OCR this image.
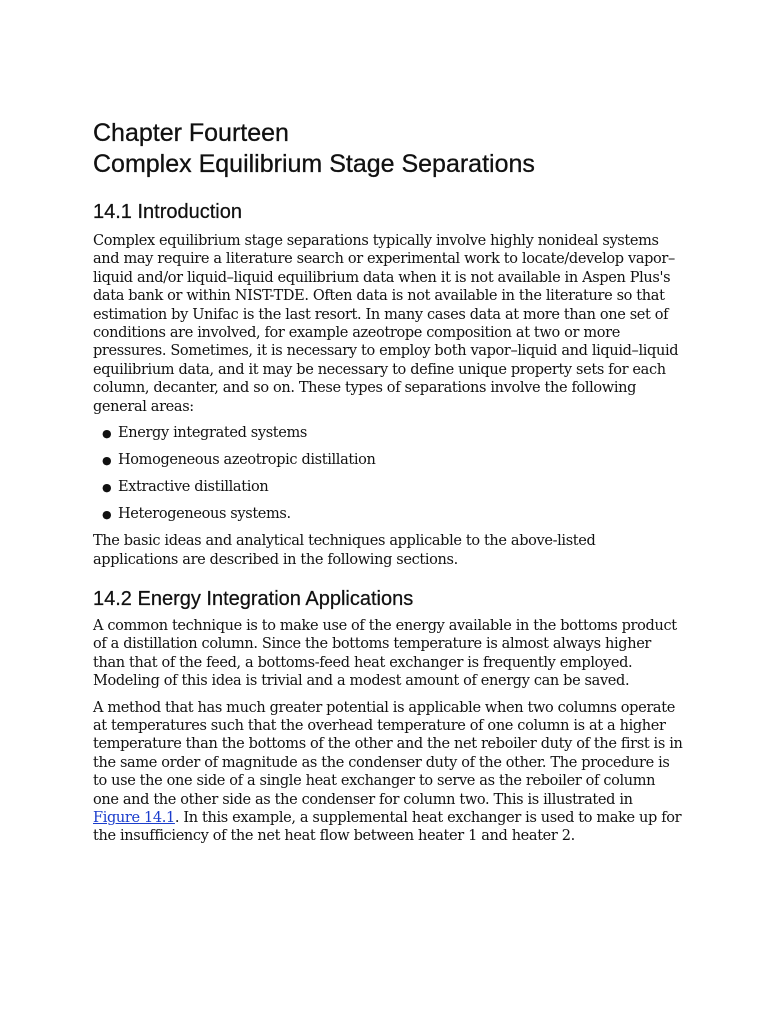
Chapter Fourteen
Complex Equilibrium Stage Separations
14.1 Introduction

Complex equilibrium stage separations typically involve highly nonideal systems and may require a literature search or experimental work to locate/develop vapor–liquid and/or liquid–liquid equilibrium data when it is not available in Aspen Plus's data bank or within NIST-TDE. Often data is not available in the literature so that estimation by Unifac is the last resort. In many cases data at more than one set of conditions are involved, for example azeotrope composition at two or more pressures. Sometimes, it is necessary to employ both vapor–liquid and liquid–liquid equilibrium data, and it may be necessary to define unique property sets for each column, decanter, and so on. These types of separations involve the following general areas:

● Energy integrated systems
● Homogeneous azeotropic distillation
● Extractive distillation
● Heterogeneous systems.

The basic ideas and analytical techniques applicable to the above-listed applications are described in the following sections.

14.2 Energy Integration Applications

A common technique is to make use of the energy available in the bottoms product of a distillation column. Since the bottoms temperature is almost always higher than that of the feed, a bottoms-feed heat exchanger is frequently employed. Modeling of this idea is trivial and a modest amount of energy can be saved.

A method that has much greater potential is applicable when two columns operate at temperatures such that the overhead temperature of one column is at a higher temperature than the bottoms of the other and the net reboiler duty of the first is in the same order of magnitude as the condenser duty of the other. The procedure is to use the one side of a single heat exchanger to serve as the reboiler of column one and the other side as the condenser for column two. This is illustrated in Figure 14.1. In this example, a supplemental heat exchanger is used to make up for the insufficiency of the net heat flow between heater 1 and heater 2.
